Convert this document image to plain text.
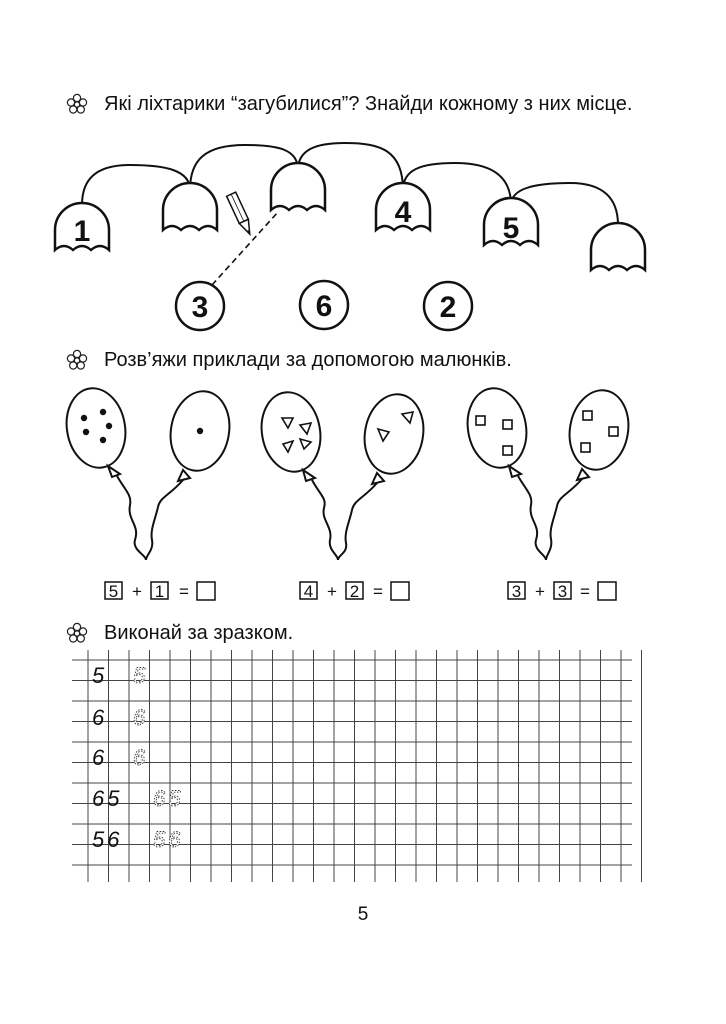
Які ліхтарики “загубилися”? Знайди кожному з них місце.
1
4	5
3	6	2
Розв’яжи приклади за допомогою малюнків.
5 + 1 =	4 + 2 =	3 + 3 =
Виконай за зразком.
5 5
6 6
6 6
65 65
56 56
5
